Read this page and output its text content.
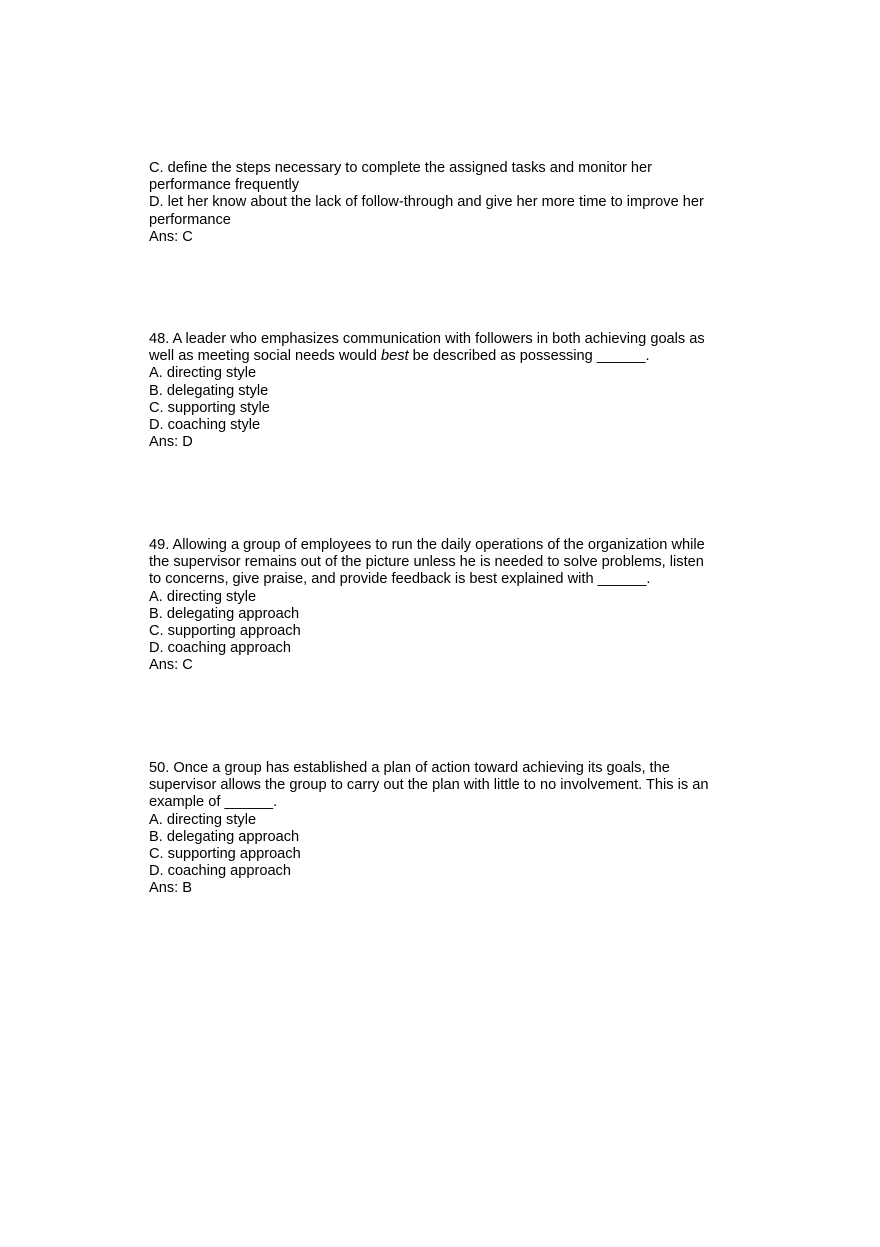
C. define the steps necessary to complete the assigned tasks and monitor her
performance frequently
D. let her know about the lack of follow-through and give her more time to improve her
performance
Ans: C
48. A leader who emphasizes communication with followers in both achieving goals as
well as meeting social needs would best be described as possessing ______.
A. directing style
B. delegating style
C. supporting style
D. coaching style
Ans: D
49. Allowing a group of employees to run the daily operations of the organization while
the supervisor remains out of the picture unless he is needed to solve problems, listen
to concerns, give praise, and provide feedback is best explained with ______.
A. directing style
B. delegating approach
C. supporting approach
D. coaching approach
Ans: C
50. Once a group has established a plan of action toward achieving its goals, the
supervisor allows the group to carry out the plan with little to no involvement. This is an
example of ______.
A. directing style
B. delegating approach
C. supporting approach
D. coaching approach
Ans: B
